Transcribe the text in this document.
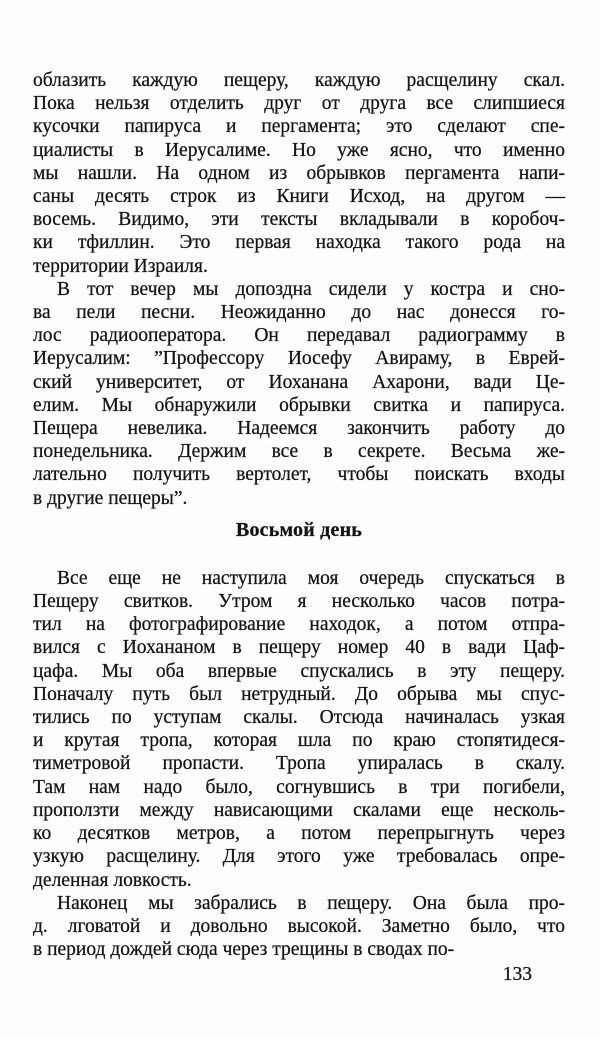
облазить каждую пещеру, каждую расщелину скал.
Пока нельзя отделить друг от друга все слипшиеся
кусочки папируса и пергамента; это сделают спе-
циалисты в Иерусалиме. Но уже ясно, что именно
мы нашли. На одном из обрывков пергамента напи-
саны десять строк из Книги Исход, на другом —
восемь. Видимо, эти тексты вкладывали в коробоч-
ки тфиллин. Это первая находка такого рода на
территории Израиля.
В тот вечер мы допоздна сидели у костра и сно-
ва пели песни. Неожиданно до нас донесся го-
лос радиооператора. Он передавал радиограмму в
Иерусалим: ”Профессору Иосефу Авираму, в Еврей-
ский университет, от Иоханана Ахарони, вади Це-
елим. Мы обнаружили обрывки свитка и папируса.
Пещера невелика. Надеемся закончить работу до
понедельника. Держим все в секрете. Весьма же-
лательно получить вертолет, чтобы поискать входы
в другие пещеры”.
Восьмой день
Все еще не наступила моя очередь спускаться в
Пещеру свитков. Утром я несколько часов потра-
тил на фотографирование находок, а потом отпра-
вился с Иохананом в пещеру номер 40 в вади Цаф-
цафа. Мы оба впервые спускались в эту пещеру.
Поначалу путь был нетрудный. До обрыва мы спус-
тились по уступам скалы. Отсюда начиналась узкая
и крутая тропа, которая шла по краю стопятидеся-
тиметровой пропасти. Тропа упиралась в скалу.
Там нам надо было, согнувшись в три погибели,
проползти между нависающими скалами еще несколь-
ко десятков метров, а потом перепрыгнуть через
узкую расщелину. Для этого уже требовалась опре-
деленная ловкость.
Наконец мы забрались в пещеру. Она была про-
д. лговатой и довольно высокой. Заметно было, что
в период дождей сюда через трещины в сводах по-
133
